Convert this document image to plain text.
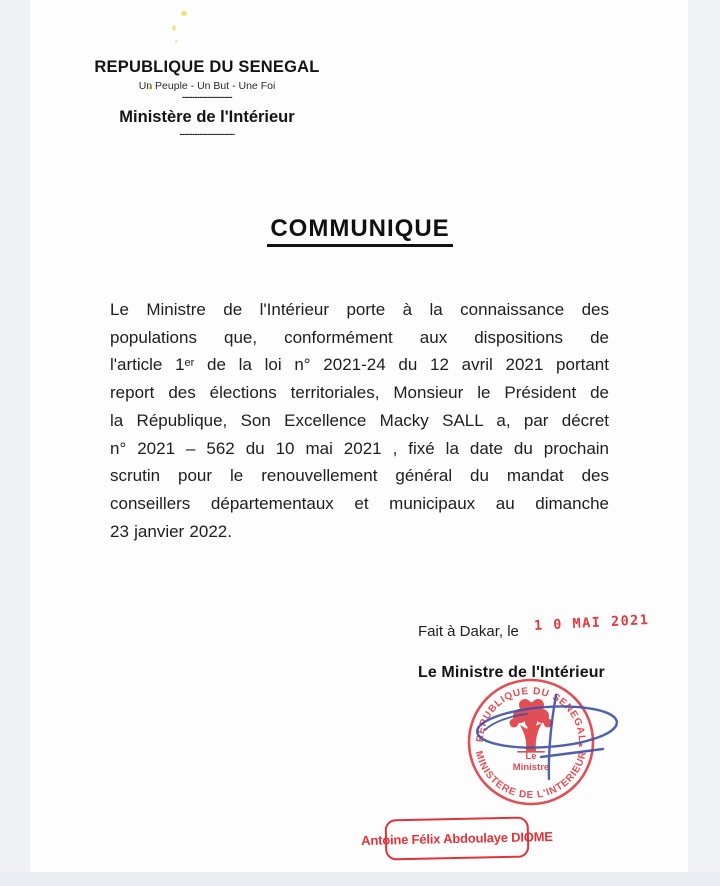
REPUBLIQUE DU SENEGAL
Un Peuple - Un But - Une Foi
--------------------
Ministère de l'Intérieur
----------------------
COMMUNIQUE
Le Ministre de l'Intérieur porte à la connaissance des
populations que, conformément aux dispositions de
l'article 1er de la loi n° 2021-24 du 12 avril 2021 portant
report des élections territoriales, Monsieur le Président de
la République, Son Excellence Macky SALL a, par décret
n° 2021 – 562 du 10 mai 2021 , fixé la date du prochain
scrutin pour le renouvellement général du mandat des
conseillers départementaux et municipaux au dimanche
23 janvier 2022.
Fait à Dakar, le 1 0 MAI 2021
Le Ministre de l'Intérieur
REPUBLIQUE DU SENEGAL
MINISTERE DE L'INTERIEUR
*
Le
Ministre
Antoine Félix Abdoulaye DIOME
